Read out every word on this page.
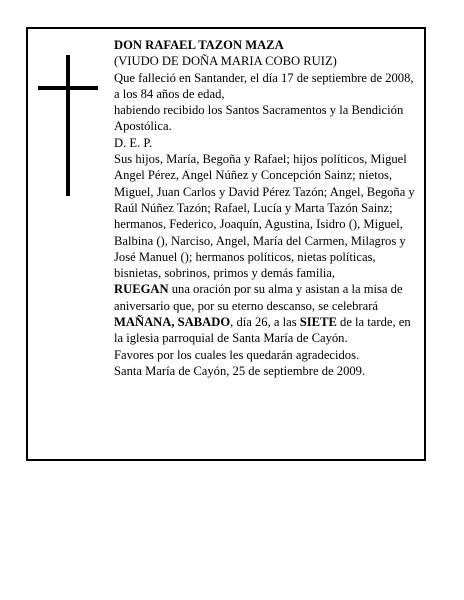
DON RAFAEL TAZON MAZA

(VIUDO DE DOÑA MARIA COBO RUIZ)

Que falleció en Santander, el día 17 de septiembre de 2008, a los 84 años de edad,

habiendo recibido los Santos Sacramentos y la Bendición Apostólica.

D. E. P.

Sus hijos, María, Begoña y Rafael; hijos políticos, Miguel Angel Pérez, Angel Núñez y Concepción Sainz; nietos, Miguel, Juan Carlos y David Pérez Tazón; Angel, Begoña y Raúl Núñez Tazón; Rafael, Lucía y Marta Tazón Sainz; hermanos, Federico, Joaquín, Agustina, Isidro (), Miguel, Balbina (), Narciso, Angel, María del Carmen, Milagros y José Manuel (); hermanos políticos, nietas políticas, bisnietas, sobrinos, primos y demás familia,

RUEGAN una oración por su alma y asistan a la misa de aniversario que, por su eterno descanso, se celebrará MAÑANA, SABADO, día 26, a las SIETE de la tarde, en la iglesia parroquial de Santa María de Cayón.

Favores por los cuales les quedarán agradecidos.

Santa María de Cayón, 25 de septiembre de 2009.
